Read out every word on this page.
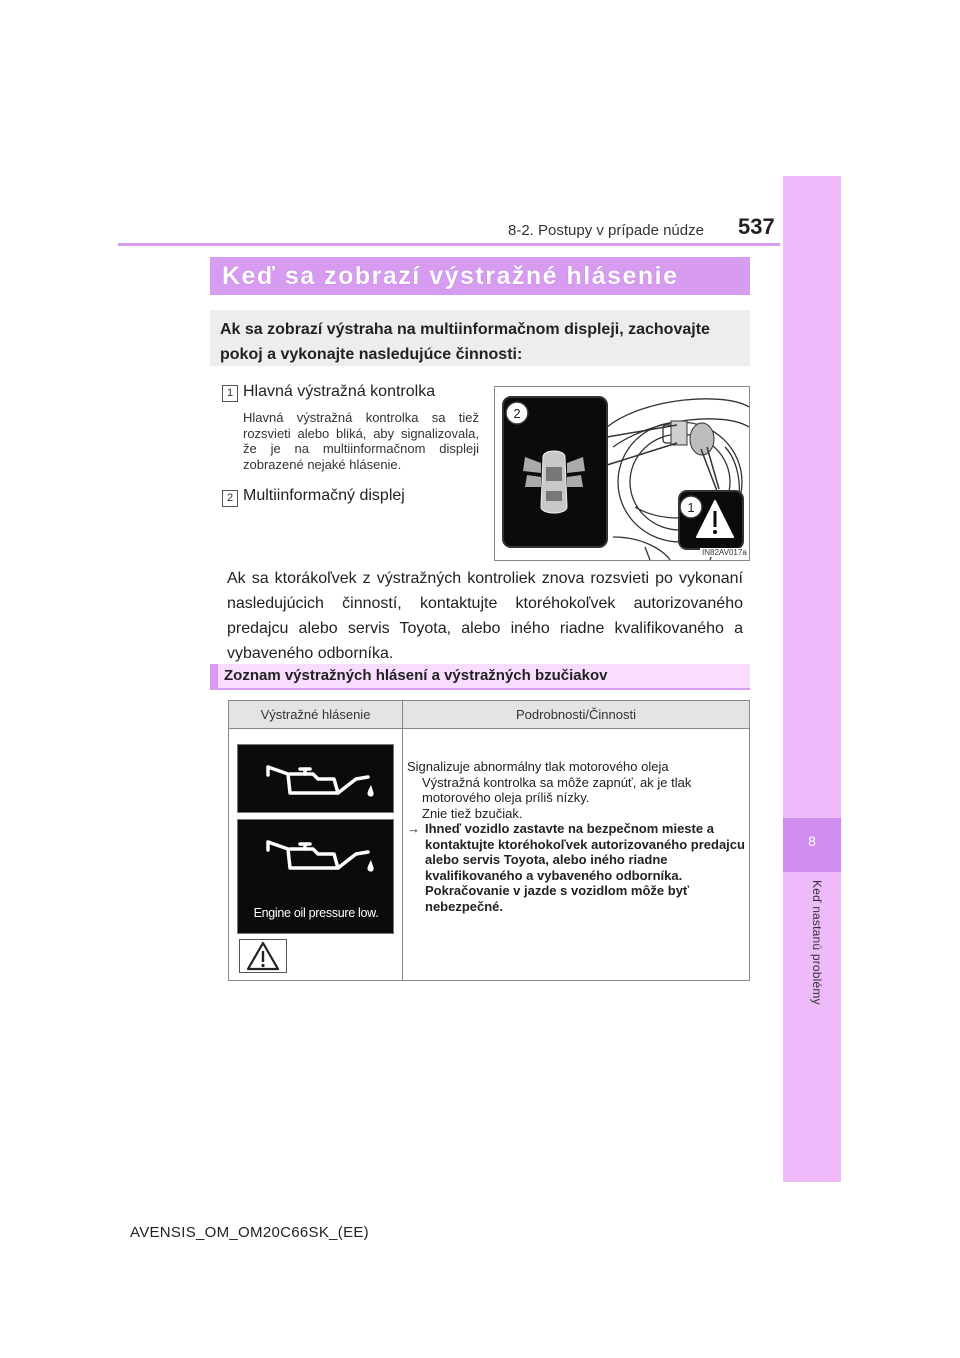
8-2. Postupy v prípade núdze 537
8
Keď nastanú problémy
Keď sa zobrazí výstražné hlásenie
Ak sa zobrazí výstraha na multiinformačnom displeji, zachovajte pokoj a vykonajte nasledujúce činnosti:
1 Hlavná výstražná kontrolka
Hlavná výstražná kontrolka sa tiež rozsvieti alebo bliká, aby signalizovala, že je na multiinformačnom displeji zobrazené nejaké hlásenie.
2 Multiinformačný displej
2
1
IN82AV017a
Ak sa ktorákoľvek z výstražných kontroliek znova rozsvieti po vykonaní nasledujúcich činností, kontaktujte ktoréhokoľvek autorizovaného predajcu alebo servis Toyota, alebo iného riadne kvalifikovaného a vybaveného odborníka.
Zoznam výstražných hlásení a výstražných bzučiakov
Výstražné hlásenie	Podrobnosti/Činnosti
Engine oil pressure low.
Signalizuje abnormálny tlak motorového oleja
Výstražná kontrolka sa môže zapnúť, ak je tlak motorového oleja príliš nízky.
Znie tiež bzučiak.
→ Ihneď vozidlo zastavte na bezpečnom mieste a kontaktujte ktoréhokoľvek autorizovaného predajcu alebo servis Toyota, alebo iného riadne kvalifikovaného a vybaveného odborníka.
Pokračovanie v jazde s vozidlom môže byť nebezpečné.
AVENSIS_OM_OM20C66SK_(EE)
